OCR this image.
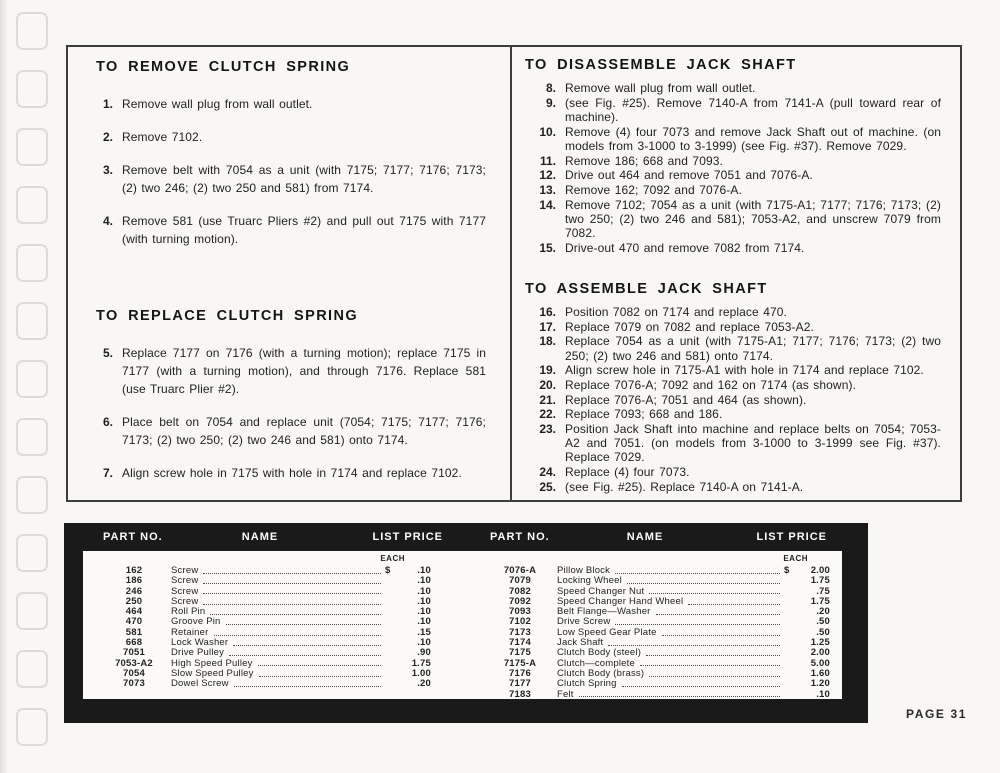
TO REMOVE CLUTCH SPRING
1. Remove wall plug from wall outlet.
2. Remove 7102.
3. Remove belt with 7054 as a unit (with 7175; 7177; 7176; 7173; (2) two 246; (2) two 250 and 581) from 7174.
4. Remove 581 (use Truarc Pliers #2) and pull out 7175 with 7177 (with turning motion).
TO REPLACE CLUTCH SPRING
5. Replace 7177 on 7176 (with a turning motion); replace 7175 in 7177 (with a turning motion), and through 7176. Replace 581 (use Truarc Plier #2).
6. Place belt on 7054 and replace unit (7054; 7175; 7177; 7176; 7173; (2) two 250; (2) two 246 and 581) onto 7174.
7. Align screw hole in 7175 with hole in 7174 and replace 7102.
TO DISASSEMBLE JACK SHAFT
8. Remove wall plug from wall outlet.
9. (see Fig. #25). Remove 7140-A from 7141-A (pull toward rear of machine).
10. Remove (4) four 7073 and remove Jack Shaft out of machine. (on models from 3-1000 to 3-1999) (see Fig. #37). Remove 7029.
11. Remove 186; 668 and 7093.
12. Drive out 464 and remove 7051 and 7076-A.
13. Remove 162; 7092 and 7076-A.
14. Remove 7102; 7054 as a unit (with 7175-A1; 7177; 7176; 7173; (2) two 250; (2) two 246 and 581); 7053-A2, and unscrew 7079 from 7082.
15. Drive-out 470 and remove 7082 from 7174.
TO ASSEMBLE JACK SHAFT
16. Position 7082 on 7174 and replace 470.
17. Replace 7079 on 7082 and replace 7053-A2.
18. Replace 7054 as a unit (with 7175-A1; 7177; 7176; 7173; (2) two 250; (2) two 246 and 581) onto 7174.
19. Align screw hole in 7175-A1 with hole in 7174 and replace 7102.
20. Replace 7076-A; 7092 and 162 on 7174 (as shown).
21. Replace 7076-A; 7051 and 464 (as shown).
22. Replace 7093; 668 and 186.
23. Position Jack Shaft into machine and replace belts on 7054; 7053-A2 and 7051. (on models from 3-1000 to 3-1999 see Fig. #37). Replace 7029.
24. Replace (4) four 7073.
25. (see Fig. #25). Replace 7140-A on 7141-A.
PART NO.	NAME	LIST PRICE	PART NO.	NAME	LIST PRICE
EACH
162	Screw	$	.10
186	Screw	.10
246	Screw	.10
250	Screw	.10
464	Roll Pin	.10
470	Groove Pin	.10
581	Retainer	.15
668	Lock Washer	.10
7051	Drive Pulley	.90
7053-A2	High Speed Pulley	1.75
7054	Slow Speed Pulley	1.00
7073	Dowel Screw	.20
EACH
7076-A	Pillow Block	$	2.00
7079	Locking Wheel	1.75
7082	Speed Changer Nut	.75
7092	Speed Changer Hand Wheel	1.75
7093	Belt Flange—Washer	.20
7102	Drive Screw	.50
7173	Low Speed Gear Plate	.50
7174	Jack Shaft	1.25
7175	Clutch Body (steel)	2.00
7175-A	Clutch—complete	5.00
7176	Clutch Body (brass)	1.60
7177	Clutch Spring	1.20
7183	Felt	.10
PAGE 31
